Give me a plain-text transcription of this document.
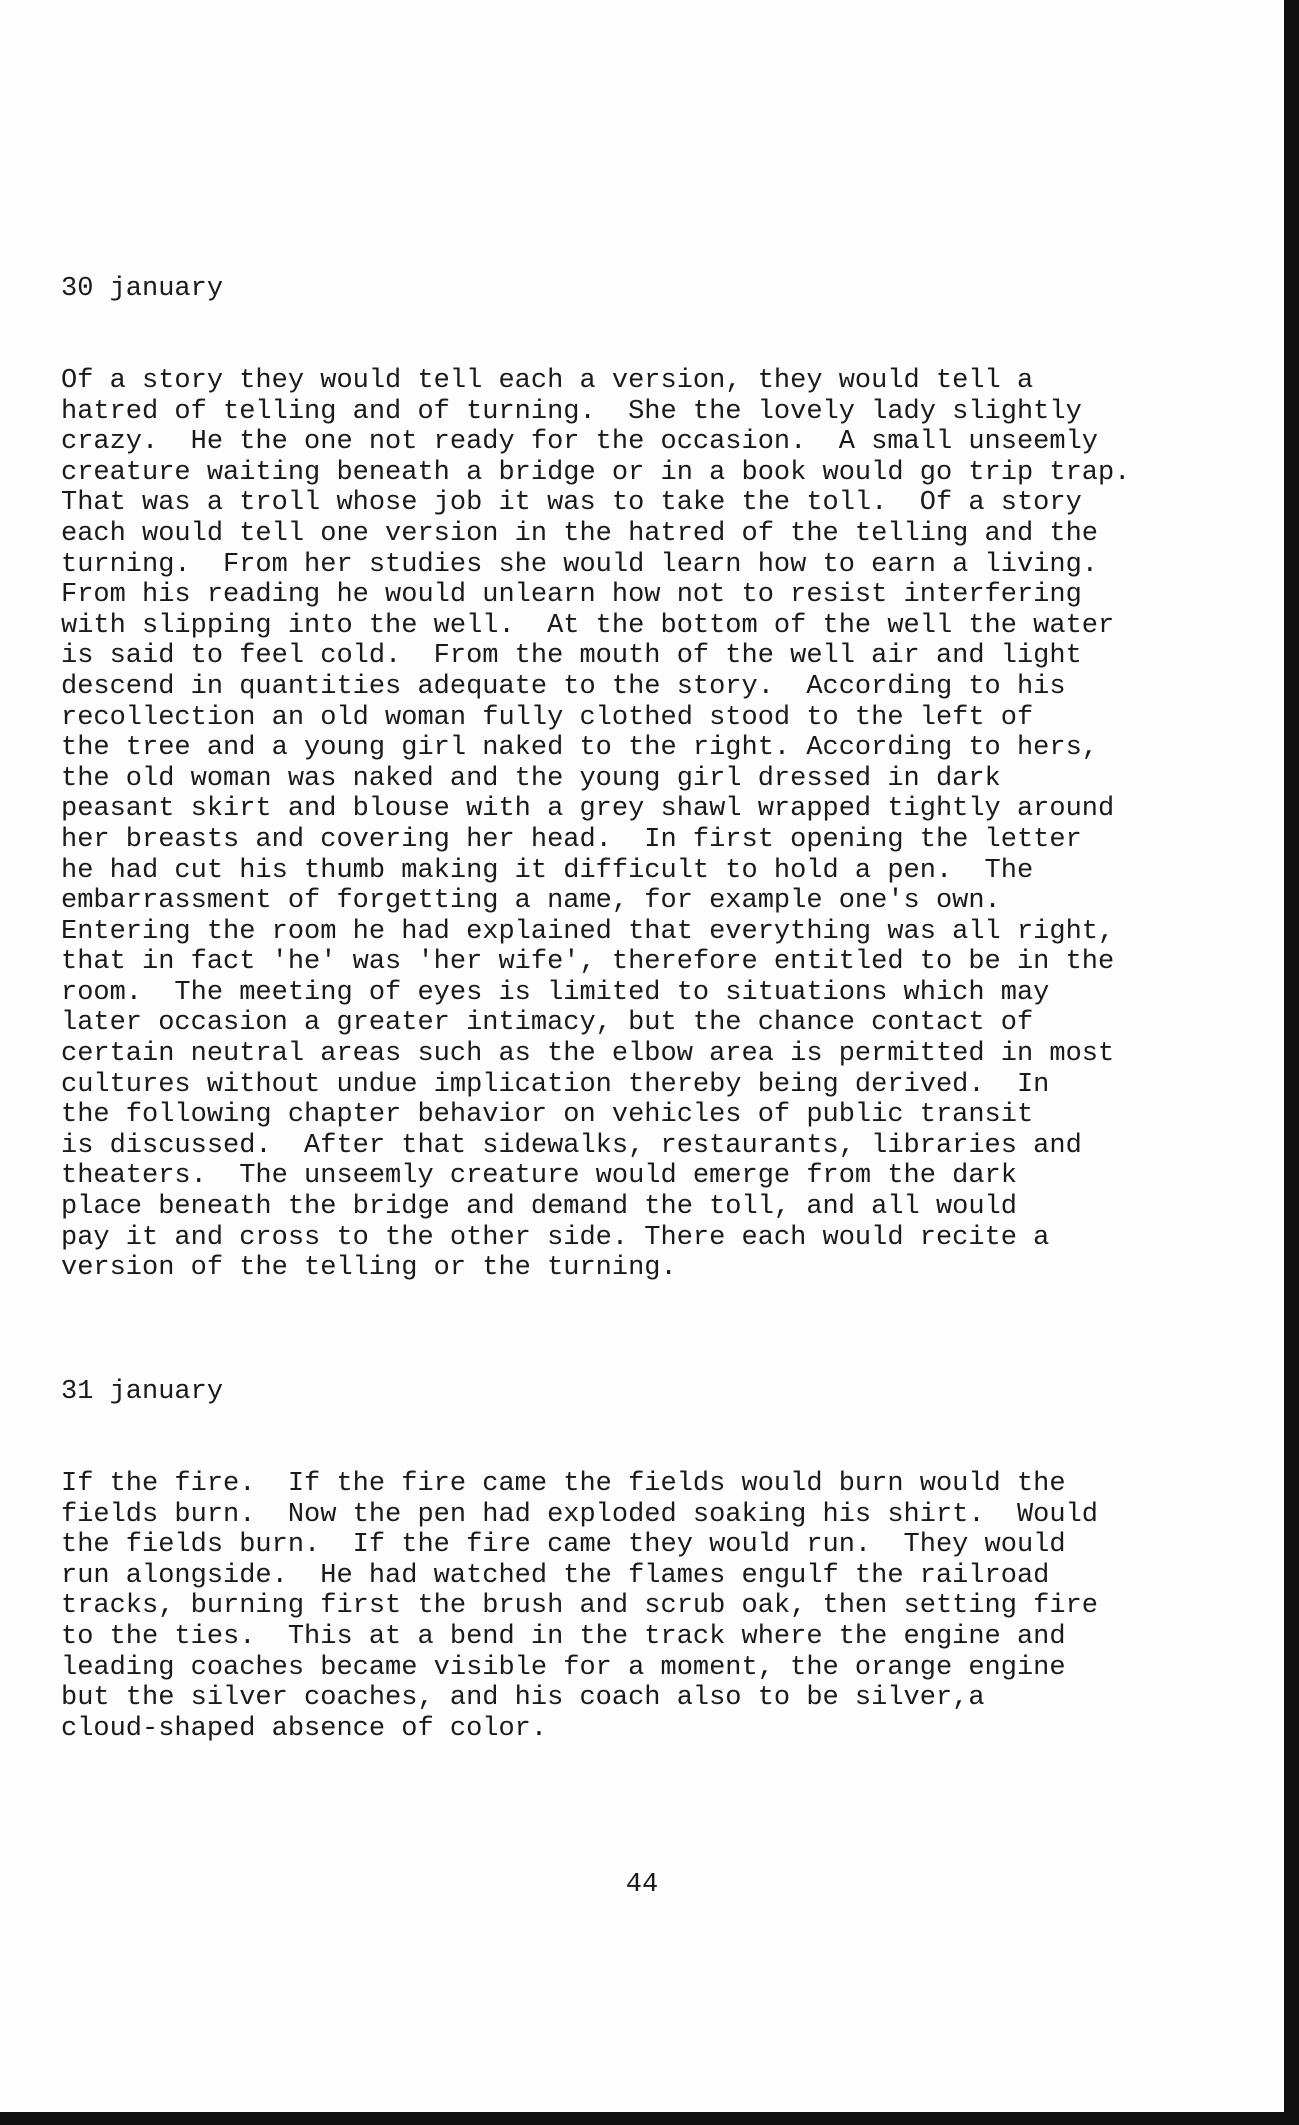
30 january

Of a story they would tell each a version, they would tell a
hatred of telling and of turning.  She the lovely lady slightly
crazy.  He the one not ready for the occasion.  A small unseemly
creature waiting beneath a bridge or in a book would go trip trap.
That was a troll whose job it was to take the toll.  Of a story
each would tell one version in the hatred of the telling and the
turning.  From her studies she would learn how to earn a living.
From his reading he would unlearn how not to resist interfering
with slipping into the well.  At the bottom of the well the water
is said to feel cold.  From the mouth of the well air and light
descend in quantities adequate to the story.  According to his
recollection an old woman fully clothed stood to the left of
the tree and a young girl naked to the right. According to hers,
the old woman was naked and the young girl dressed in dark
peasant skirt and blouse with a grey shawl wrapped tightly around
her breasts and covering her head.  In first opening the letter
he had cut his thumb making it difficult to hold a pen.  The
embarrassment of forgetting a name, for example one's own.
Entering the room he had explained that everything was all right,
that in fact 'he' was 'her wife', therefore entitled to be in the
room.  The meeting of eyes is limited to situations which may
later occasion a greater intimacy, but the chance contact of
certain neutral areas such as the elbow area is permitted in most
cultures without undue implication thereby being derived.  In
the following chapter behavior on vehicles of public transit
is discussed.  After that sidewalks, restaurants, libraries and
theaters.  The unseemly creature would emerge from the dark
place beneath the bridge and demand the toll, and all would
pay it and cross to the other side. There each would recite a
version of the telling or the turning.

31 january

If the fire.  If the fire came the fields would burn would the
fields burn.  Now the pen had exploded soaking his shirt.  Would
the fields burn.  If the fire came they would run.  They would
run alongside.  He had watched the flames engulf the railroad
tracks, burning first the brush and scrub oak, then setting fire
to the ties.  This at a bend in the track where the engine and
leading coaches became visible for a moment, the orange engine
but the silver coaches, and his coach also to be silver,a
cloud-shaped absence of color.

44
